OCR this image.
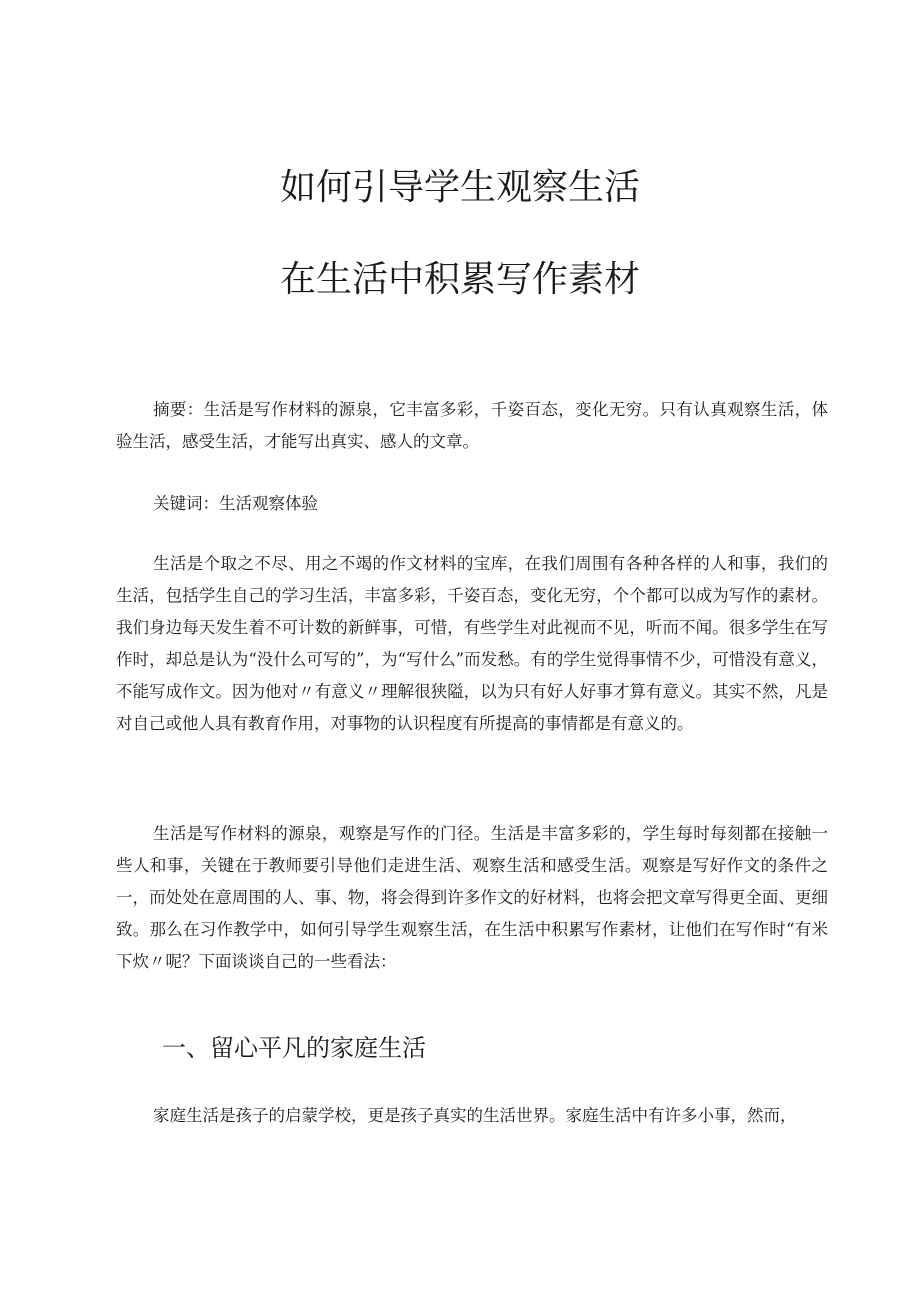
如何引导学生观察生活
在生活中积累写作素材

摘要：生活是写作材料的源泉，它丰富多彩，千姿百态，变化无穷。只有认真观察生活，体验生活，感受生活，才能写出真实、感人的文章。

关键词：生活观察体验

生活是个取之不尽、用之不竭的作文材料的宝库，在我们周围有各种各样的人和事，我们的生活，包括学生自己的学习生活，丰富多彩，千姿百态，变化无穷，个个都可以成为写作的素材。我们身边每天发生着不可计数的新鲜事，可惜，有些学生对此视而不见，听而不闻。很多学生在写作时，却总是认为“没什么可写的”，为“写什么”而发愁。有的学生觉得事情不少，可惜没有意义，不能写成作文。因为他对〃有意义〃理解很狭隘，以为只有好人好事才算有意义。其实不然，凡是对自己或他人具有教育作用，对事物的认识程度有所提高的事情都是有意义的。

生活是写作材料的源泉，观察是写作的门径。生活是丰富多彩的，学生每时每刻都在接触一些人和事，关键在于教师要引导他们走进生活、观察生活和感受生活。观察是写好作文的条件之一，而处处在意周围的人、事、物，将会得到许多作文的好材料，也将会把文章写得更全面、更细致。那么在习作教学中，如何引导学生观察生活，在生活中积累写作素材，让他们在写作时“有米下炊〃呢？下面谈谈自己的一些看法：

一、留心平凡的家庭生活

家庭生活是孩子的启蒙学校，更是孩子真实的生活世界。家庭生活中有许多小事，然而，
